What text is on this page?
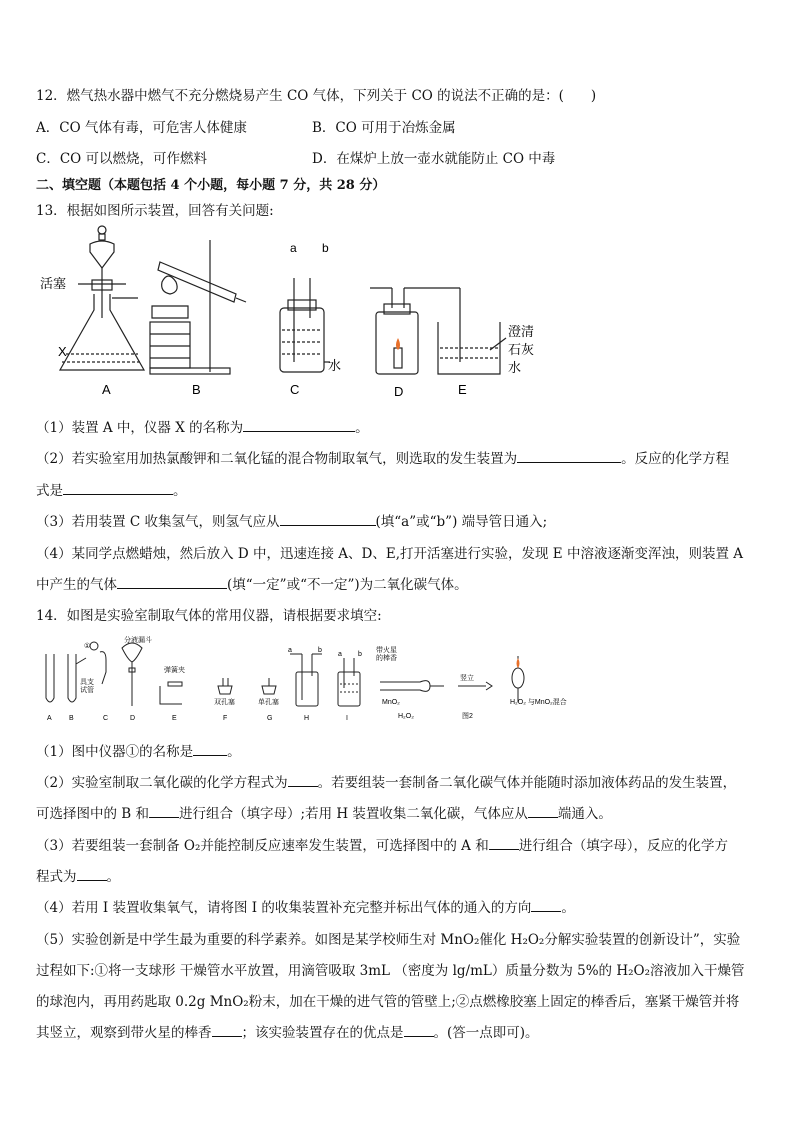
12．燃气热水器中燃气不充分燃烧易产生 CO 气体，下列关于 CO 的说法不正确的是：(　　)
A．CO 气体有毒，可危害人体健康	B．CO 可用于冶炼金属
C．CO 可以燃烧，可作燃料	D．在煤炉上放一壶水就能防止 CO 中毒
二、填空题（本题包括 4 个小题，每小题 7 分，共 28 分）
13．根据如图所示装置，回答有关问题:
活塞
X
a b
水
澄清
石灰
水
A	B	C	D	E
（1）装置 A 中，仪器 X 的名称为	。
（2）若实验室用加热氯酸钾和二氧化锰的混合物制取氧气，则选取的发生装置为	。反应的化学方程
式是	。
（3）若用装置 C 收集氢气，则氢气应从	(填“a”或“b”) 端导管日通入;
（4）某同学点燃蜡烛，然后放入 D 中，迅速连接 A、D、E,打开活塞进行实验，发现 E 中溶液逐渐变浑浊，则装置 A
中产生的气体	(填“一定”或“不一定”)为二氧化碳气体。
14．如图是实验室制取气体的常用仪器，请根据要求填空:
分液漏斗
具支
试管
①
弹簧夹
双孔塞	单孔塞
带火星
的棒香
MnO₂
H₂O₂
竖立
H₂O₂ 与MnO₂混合
图2
a	b
a b
A B	C	D	E	F	G	H	I
（1）图中仪器①的名称是	。
（2）实验室制取二氧化碳的化学方程式为 。若要组装一套制备二氧化碳气体并能随时添加液体药品的发生装置，
可选择图中的 B 和 进行组合（填字母）;若用 H 装置收集二氧化碳，气体应从 端通入。
（3）若要组装一套制备 O₂并能控制反应速率发生装置，可选择图中的 A 和 进行组合（填字母），反应的化学方
程式为 。
（4）若用 I 装置收集氧气，请将图 I 的收集装置补充完整并标出气体的通入的方向 。
（5）实验创新是中学生最为重要的科学素养。如图是某学校师生对 MnO₂催化 H₂O₂分解实验装置的创新设计”，实验
过程如下:①将一支球形 干燥管水平放置，用滴管吸取 3mL （密度为 lg/mL）质量分数为 5%的 H₂O₂溶液加入干燥管
的球泡内，再用药匙取 0.2g MnO₂粉末，加在干燥的进气管的管壁上;②点燃橡胶塞上固定的棒香后，塞紧干燥管并将
其竖立，观察到带火星的棒香 ；该实验装置存在的优点是 。(答一点即可)。
